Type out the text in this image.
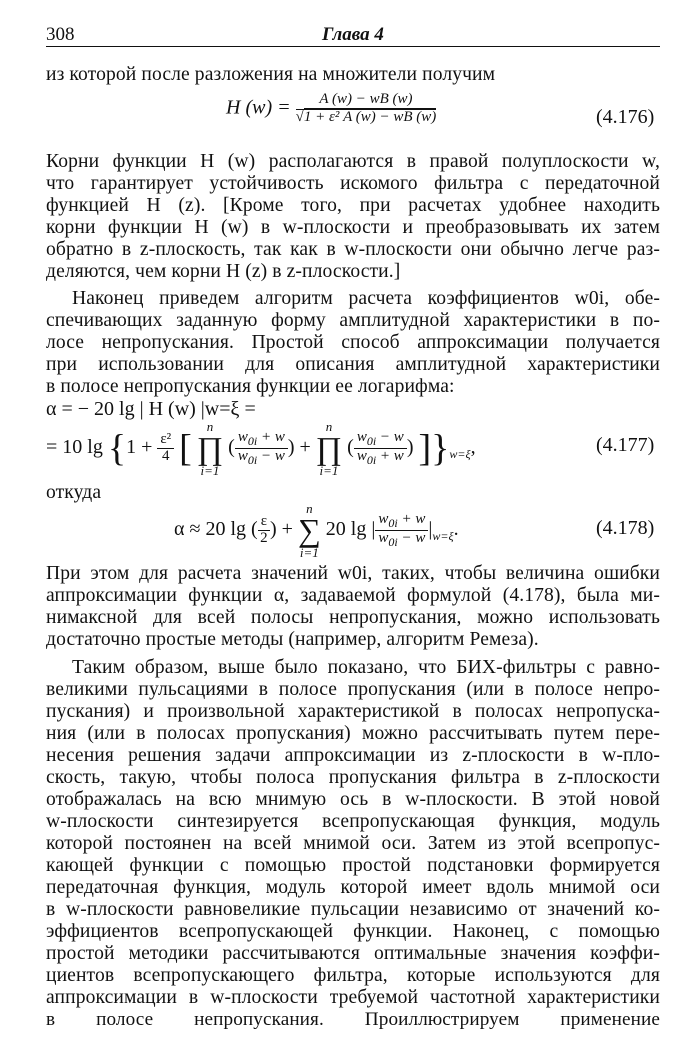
308	Глава 4
из которой после разложения на множители получим
H $(w) = \frac{A (w) - wB (w)}{\text{√1 + ε² A (w) − wB (w)}}$	(4.176)
Корни функции H (w) располагаются в правой полуплоскости w,
что гарантирует устойчивость искомого фильтра с передаточной
функцией H (z). [Кроме того, при расчетах удобнее находить
корни функции H (w) в w-плоскости и преобразовывать их затем
обратно в z-плоскость, так как в w-плоскости они обычно легче раз-
деляются, чем корни H (z) в z-плоскости.]
Наконец приведем алгоритм расчета коэффициентов w0i, обе-
спечивающих заданную форму амплитудной характеристики в по-
лосе непропускания. Простой способ аппроксимации получается
при использовании для описания амплитудной характеристики
в полосе непропускания функции ее логарифма:
α = − 20 lg | H (w) |w=ξ =
= 10 $\lg \{1 + \frac{\text{ε²}}{4}$ [
n
∏
i=1
( $\frac{w_{0i} + w}{w_{0i} - w}$ ) +
n
∏
i=1
( $\frac{w_{0i} - w}{w_{0i} + w}$ ) ]}$_{w=\xi}$,	(4.177)
откуда
α ≈ 20 lg ( $\frac{\varepsilon}{2}$ ) +
n
∑
i=1
20 lg | $\frac{w_{0i} + w}{w_{0i} - w} |_{w=\xi}$.	(4.178)
При этом для расчета значений w0i, таких, чтобы величина ошибки
аппроксимации функции α, задаваемой формулой (4.178), была ми-
нимаксной для всей полосы непропускания, можно использовать
достаточно простые методы (например, алгоритм Ремеза).
Таким образом, выше было показано, что БИХ-фильтры с равно-
великими пульсациями в полосе пропускания (или в полосе непро-
пускания) и произвольной характеристикой в полосах непропуска-
ния (или в полосах пропускания) можно рассчитывать путем пере-
несения решения задачи аппроксимации из z-плоскости в w-пло-
скость, такую, чтобы полоса пропускания фильтра в z-плоскости
отображалась на всю мнимую ось в w-плоскости. В этой новой
w-плоскости синтезируется всепропускающая функция, модуль
которой постоянен на всей мнимой оси. Затем из этой всепропус-
кающей функции с помощью простой подстановки формируется
передаточная функция, модуль которой имеет вдоль мнимой оси
в w-плоскости равновеликие пульсации независимо от значений ко-
эффициентов всепропускающей функции. Наконец, с помощью
простой методики рассчитываются оптимальные значения коэффи-
циентов всепропускающего фильтра, которые используются для
аппроксимации в w-плоскости требуемой частотной характеристики
в полосе непропускания. Проиллюстрируем применение
